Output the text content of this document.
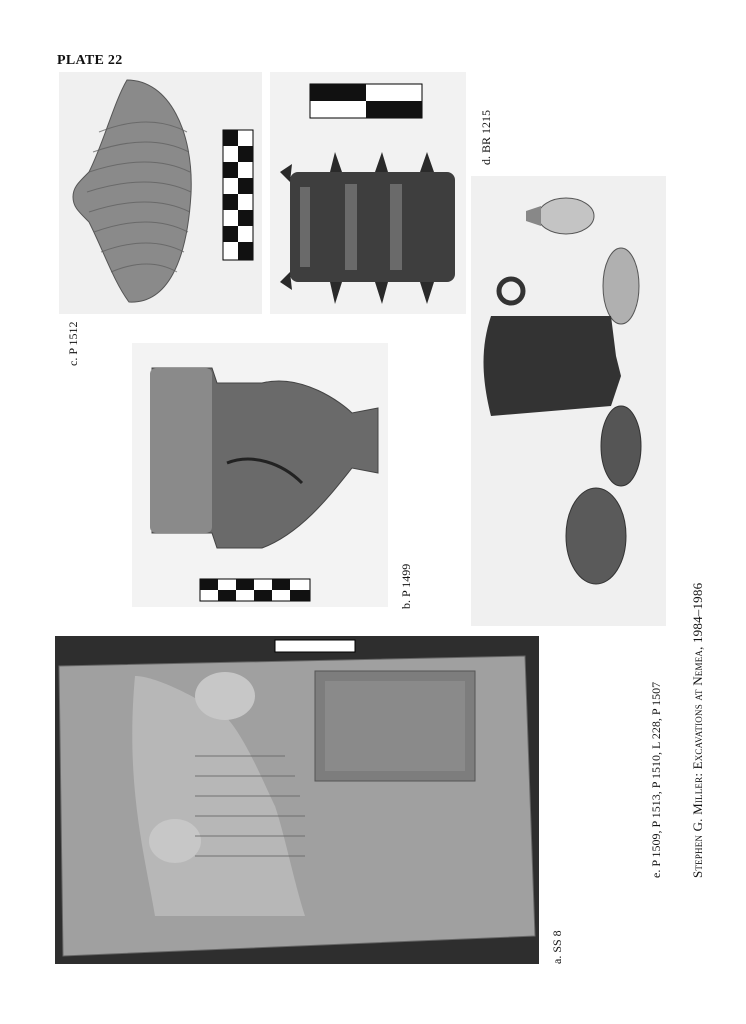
PLATE 22
c. P 1512
d. BR 1215
b. P 1499
e. P 1509, P 1513, P 1510, L 228, P 1507
a. SS 8
Stephen G. Miller: Excavations at Nemea, 1984–1986
